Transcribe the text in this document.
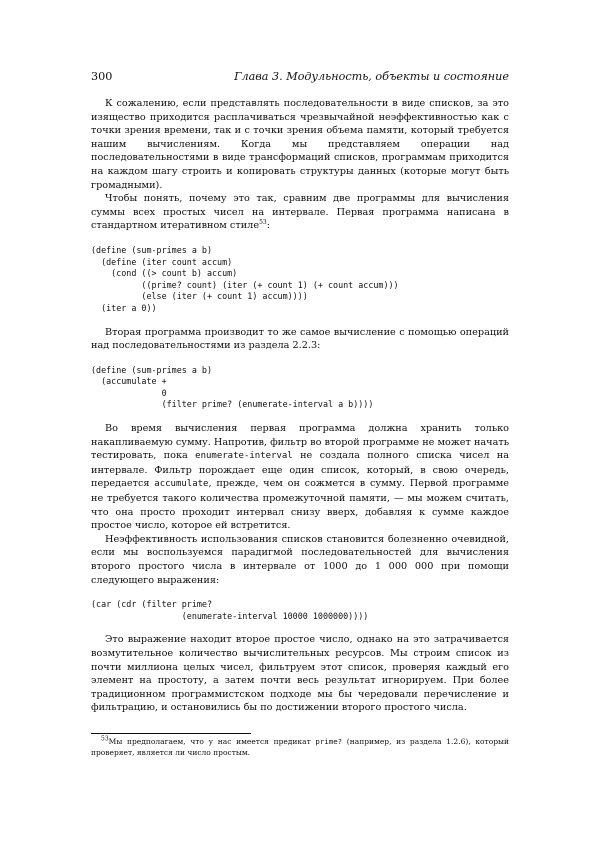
300	Глава 3. Модульность, объекты и состояние

К сожалению, если представлять последовательности в виде списков, за это изящество приходится расплачиваться чрезвычайной неэффективностью как с точки зрения времени, так и с точки зрения объема памяти, который требуется нашим вычислениям. Когда мы представляем операции над последовательностями в виде трансформаций списков, программам приходится на каждом шагу строить и копировать структуры данных (которые могут быть громадными).

Чтобы понять, почему это так, сравним две программы для вычисления суммы всех простых чисел на интервале. Первая программа написана в стандартном итеративном стиле$^{53}$:

(define (sum-primes a b)
(define (iter count accum)
(cond ((> count b) accum)
((prime? count) (iter (+ count 1) (+ count accum)))
(else (iter (+ count 1) accum))))
(iter a 0))

Вторая программа производит то же самое вычисление с помощью операций над последовательностями из раздела 2.2.3:

(define (sum-primes a b)
(accumulate +
0
(filter prime? (enumerate-interval a b))))

Во время вычисления первая программа должна хранить только накапливаемую сумму. Напротив, фильтр во второй программе не может начать тестировать, пока enumerate-interval не создала полного списка чисел на интервале. Фильтр порождает еще один список, который, в свою очередь, передается accumulate, прежде, чем он сожмется в сумму. Первой программе не требуется такого количества промежуточной памяти, — мы можем считать, что она просто проходит интервал снизу вверх, добавляя к сумме каждое простое число, которое ей встретится.

Неэффективность использования списков становится болезненно очевидной, если мы воспользуемся парадигмой последовательностей для вычисления второго простого числа в интервале от 1000 до 1 000 000 при помощи следующего выражения:

(car (cdr (filter prime?
(enumerate-interval 10000 1000000))))

Это выражение находит второе простое число, однако на это затрачивается возмутительное количество вычислительных ресурсов. Мы строим список из почти миллиона целых чисел, фильтруем этот список, проверяя каждый его элемент на простоту, а затем почти весь результат игнорируем. При более традиционном программистском подходе мы бы чередовали перечисление и фильтрацию, и остановились бы по достижении второго простого числа.

$^{53}$Мы предполагаем, что у нас имеется предикат prime? (например, из раздела 1.2.6), который проверяет, является ли число простым.
